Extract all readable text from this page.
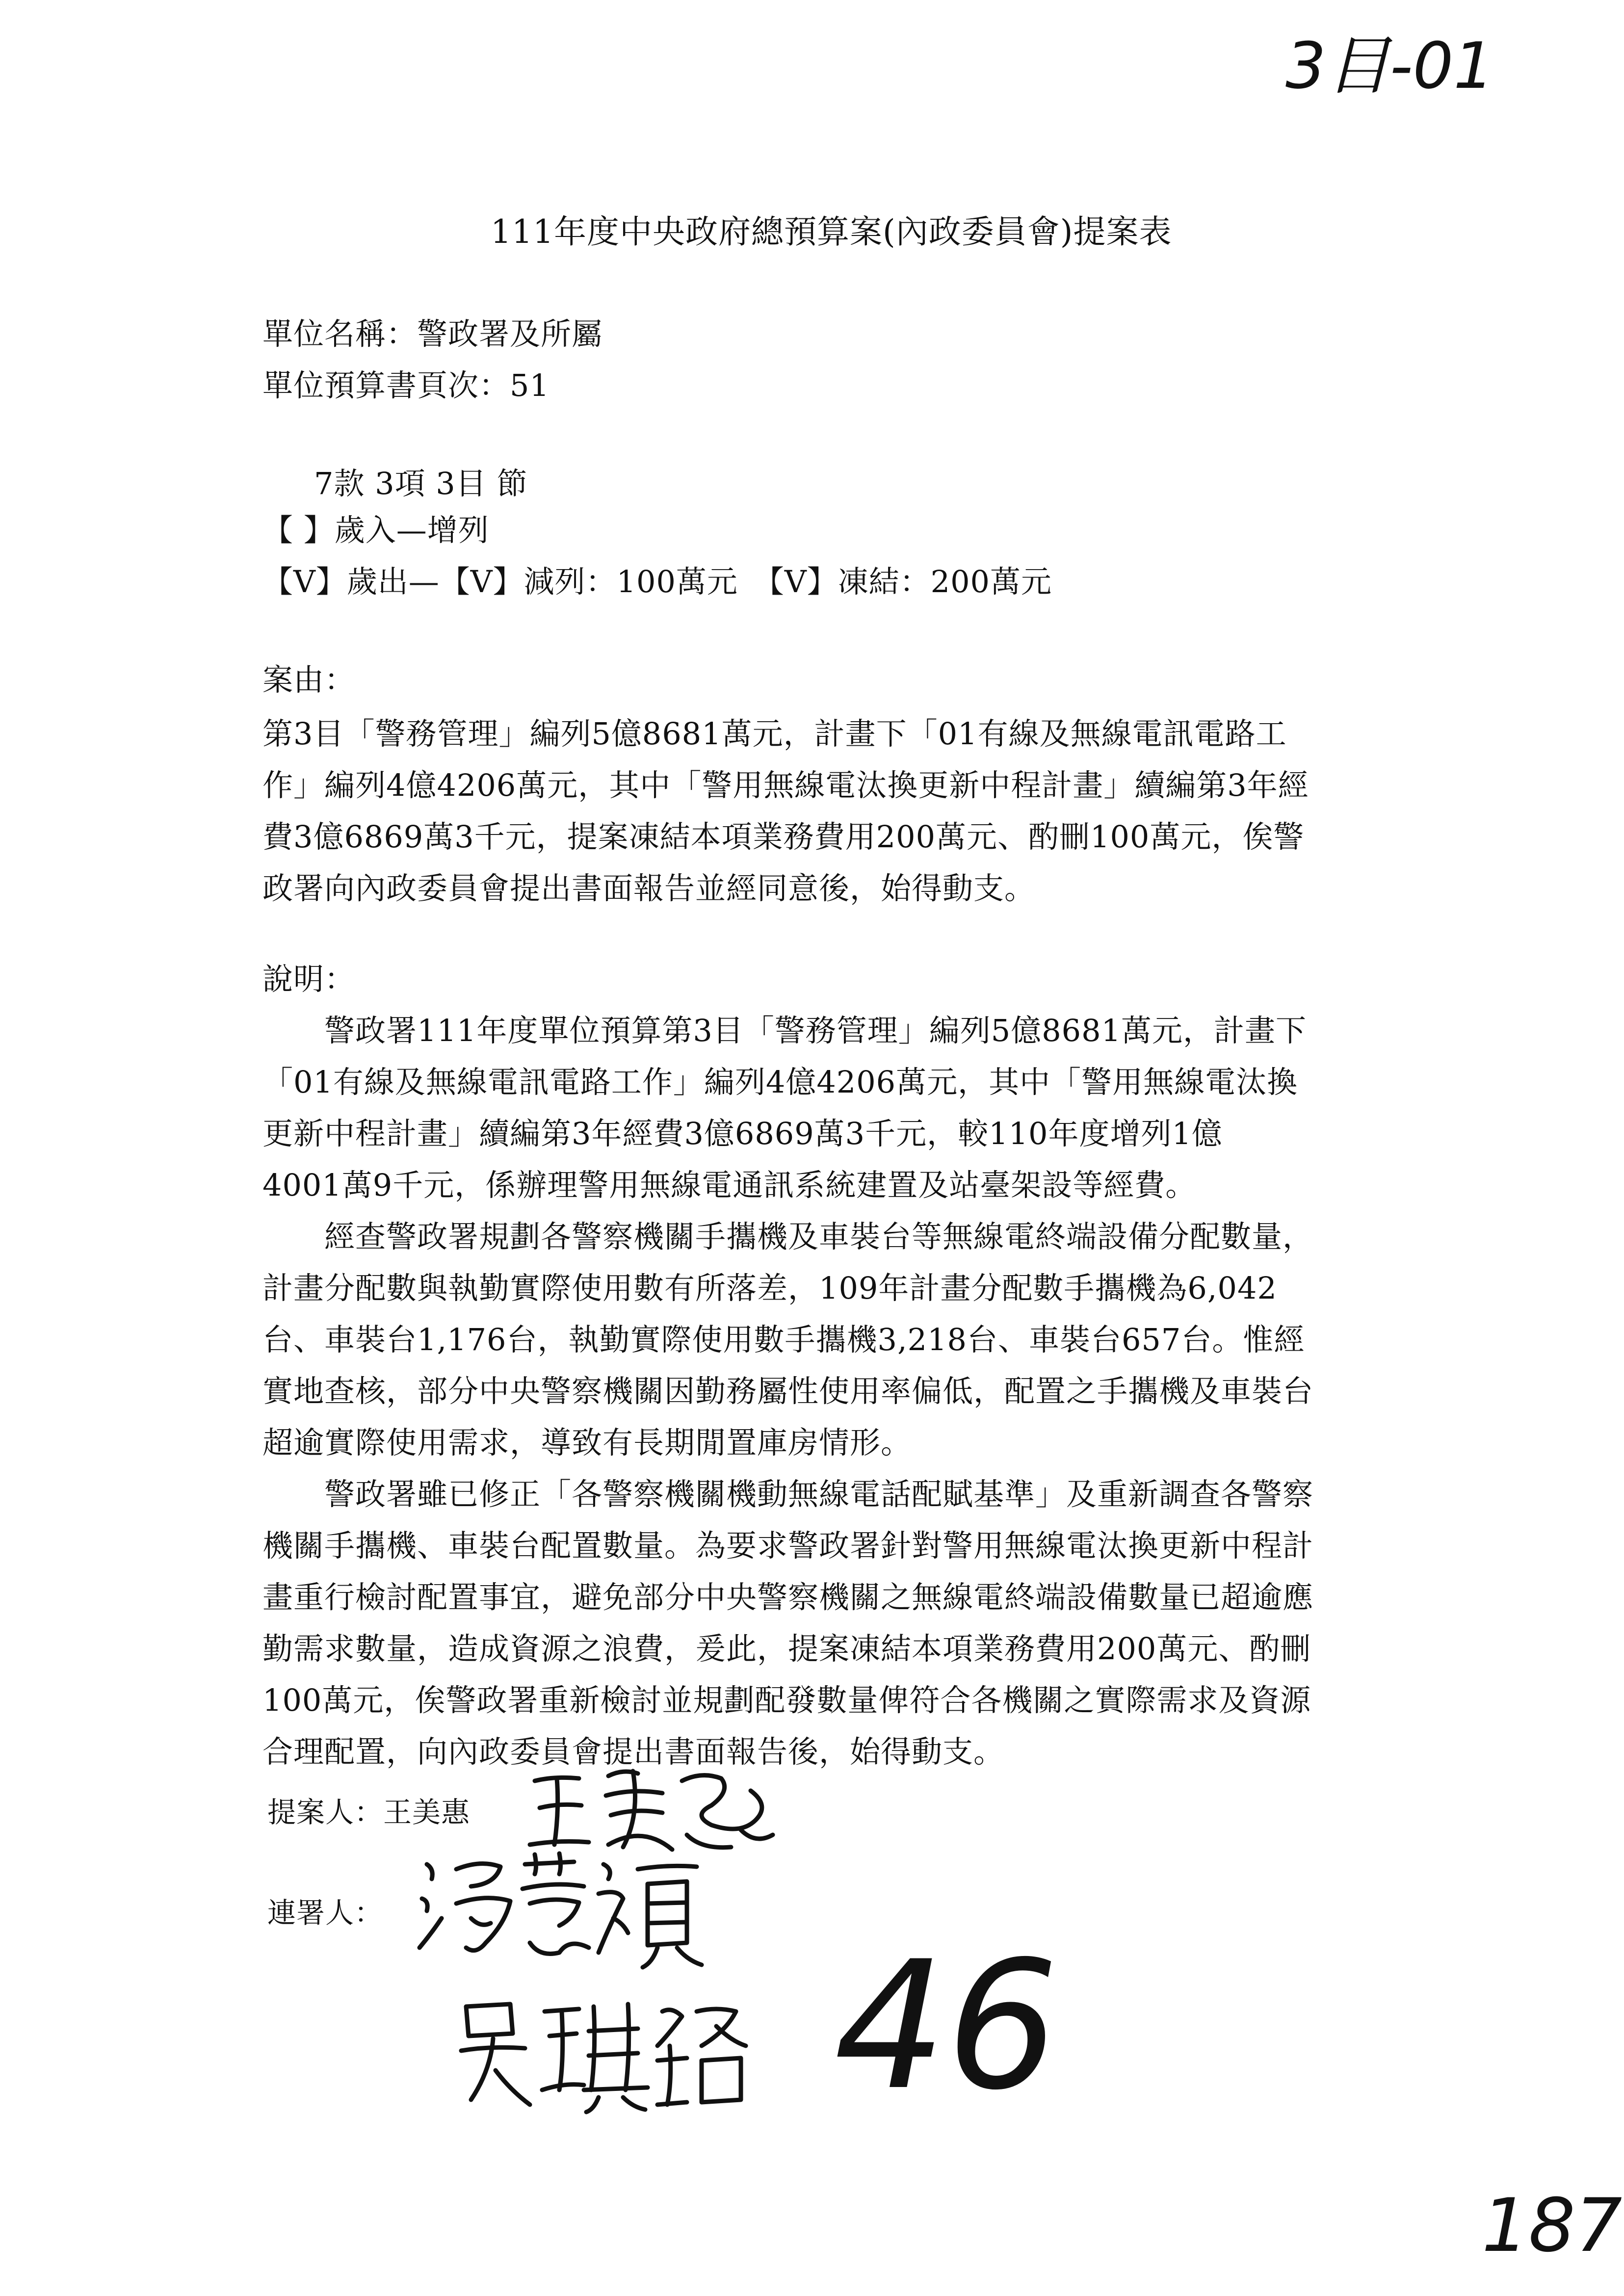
3目-01
111年度中央政府總預算案(內政委員會)提案表
單位名稱：警政署及所屬
單位預算書頁次：51
7款 3項 3目 節
【 】歲入—增列
【V】歲出—【V】減列：100萬元　【V】凍結：200萬元
案由：
第3目「警務管理」編列5億8681萬元，計畫下「01有線及無線電訊電路工
作」編列4億4206萬元，其中「警用無線電汰換更新中程計畫」續編第3年經
費3億6869萬3千元，提案凍結本項業務費用200萬元、酌刪100萬元，俟警
政署向內政委員會提出書面報告並經同意後，始得動支。
說明：
　　警政署111年度單位預算第3目「警務管理」編列5億8681萬元，計畫下
「01有線及無線電訊電路工作」編列4億4206萬元，其中「警用無線電汰換
更新中程計畫」續編第3年經費3億6869萬3千元，較110年度增列1億
4001萬9千元，係辦理警用無線電通訊系統建置及站臺架設等經費。
　　經查警政署規劃各警察機關手攜機及車裝台等無線電終端設備分配數量，
計畫分配數與執勤實際使用數有所落差，109年計畫分配數手攜機為6,042
台、車裝台1,176台，執勤實際使用數手攜機3,218台、車裝台657台。惟經
實地查核，部分中央警察機關因勤務屬性使用率偏低，配置之手攜機及車裝台
超逾實際使用需求，導致有長期閒置庫房情形。
　　警政署雖已修正「各警察機關機動無線電話配賦基準」及重新調查各警察
機關手攜機、車裝台配置數量。為要求警政署針對警用無線電汰換更新中程計
畫重行檢討配置事宜，避免部分中央警察機關之無線電終端設備數量已超逾應
勤需求數量，造成資源之浪費，爰此，提案凍結本項業務費用200萬元、酌刪
100萬元，俟警政署重新檢討並規劃配發數量俾符合各機關之實際需求及資源
合理配置，向內政委員會提出書面報告後，始得動支。
提案人：王美惠
連署人：
46
187
